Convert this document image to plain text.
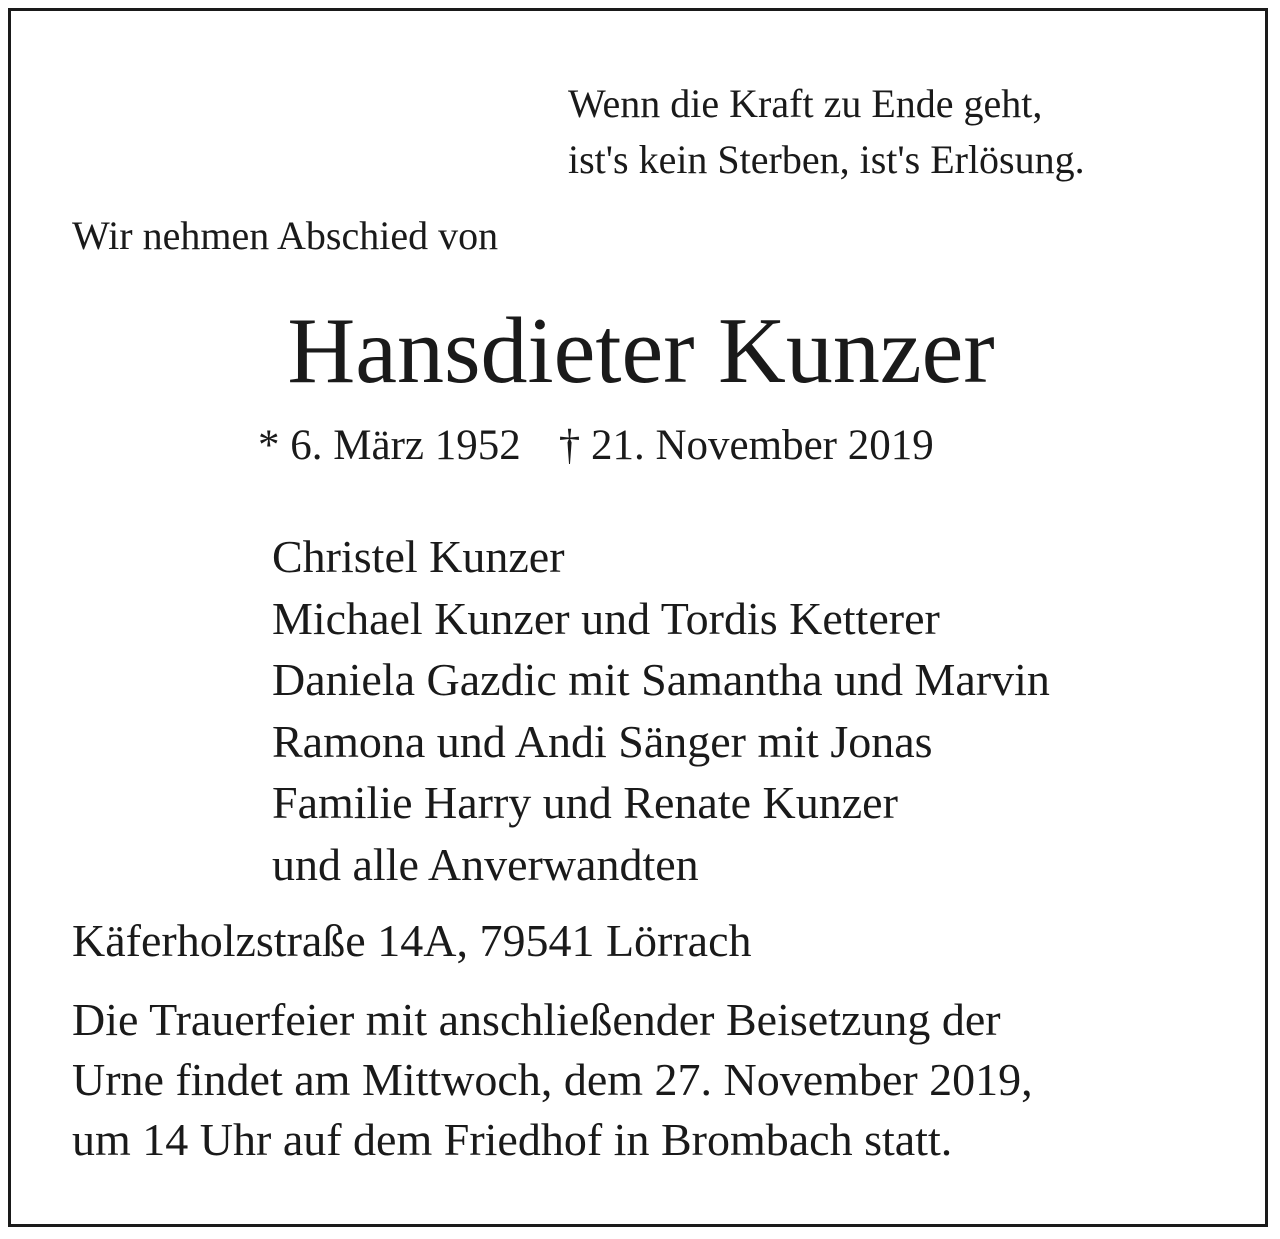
Wenn die Kraft zu Ende geht,
ist's kein Sterben, ist's Erlösung.
Wir nehmen Abschied von
Hansdieter Kunzer
* 6. März 1952 † 21. November 2019
Christel Kunzer
Michael Kunzer und Tordis Ketterer
Daniela Gazdic mit Samantha und Marvin
Ramona und Andi Sänger mit Jonas
Familie Harry und Renate Kunzer
und alle Anverwandten
Käferholzstraße 14A, 79541 Lörrach
Die Trauerfeier mit anschließender Beisetzung der
Urne findet am Mittwoch, dem 27. November 2019,
um 14 Uhr auf dem Friedhof in Brombach statt.
